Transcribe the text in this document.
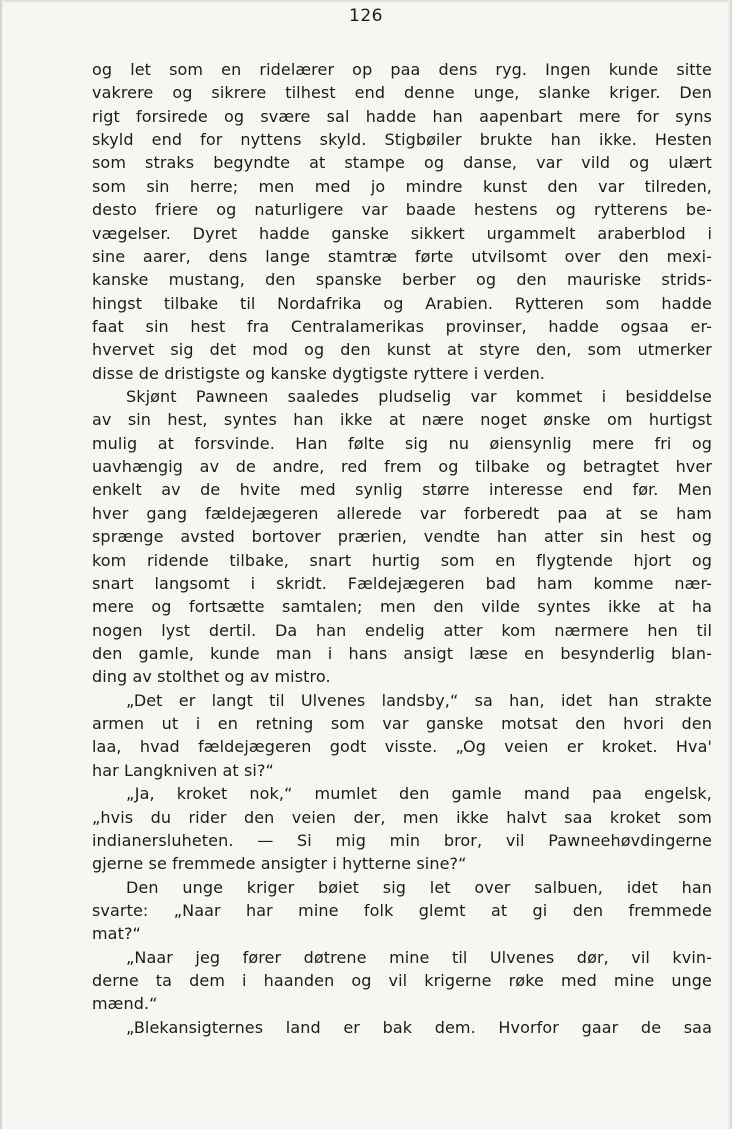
126
og let som en ridelærer op paa dens ryg. Ingen kunde sitte
vakrere og sikrere tilhest end denne unge, slanke kriger. Den
rigt forsirede og svære sal hadde han aapenbart mere for syns
skyld end for nyttens skyld. Stigbøiler brukte han ikke. Hesten
som straks begyndte at stampe og danse, var vild og ulært
som sin herre; men med jo mindre kunst den var tilreden,
desto friere og naturligere var baade hestens og rytterens be-
vægelser. Dyret hadde ganske sikkert urgammelt araberblod i
sine aarer, dens lange stamtræ førte utvilsomt over den mexi-
kanske mustang, den spanske berber og den mauriske strids-
hingst tilbake til Nordafrika og Arabien. Rytteren som hadde
faat sin hest fra Centralamerikas provinser, hadde ogsaa er-
hvervet sig det mod og den kunst at styre den, som utmerker
disse de dristigste og kanske dygtigste ryttere i verden.
Skjønt Pawneen saaledes pludselig var kommet i besiddelse
av sin hest, syntes han ikke at nære noget ønske om hurtigst
mulig at forsvinde. Han følte sig nu øiensynlig mere fri og
uavhængig av de andre, red frem og tilbake og betragtet hver
enkelt av de hvite med synlig større interesse end før. Men
hver gang fældejægeren allerede var forberedt paa at se ham
sprænge avsted bortover prærien, vendte han atter sin hest og
kom ridende tilbake, snart hurtig som en flygtende hjort og
snart langsomt i skridt. Fældejægeren bad ham komme nær-
mere og fortsætte samtalen; men den vilde syntes ikke at ha
nogen lyst dertil. Da han endelig atter kom nærmere hen til
den gamle, kunde man i hans ansigt læse en besynderlig blan-
ding av stolthet og av mistro.
„Det er langt til Ulvenes landsby,“ sa han, idet han strakte
armen ut i en retning som var ganske motsat den hvori den
laa, hvad fældejægeren godt visste. „Og veien er kroket. Hva'
har Langkniven at si?“
„Ja, kroket nok,“ mumlet den gamle mand paa engelsk,
„hvis du rider den veien der, men ikke halvt saa kroket som
indianersluheten. — Si mig min bror, vil Pawneehøvdingerne
gjerne se fremmede ansigter i hytterne sine?“
Den unge kriger bøiet sig let over salbuen, idet han
svarte: „Naar har mine folk glemt at gi den fremmede
mat?“
„Naar jeg fører døtrene mine til Ulvenes dør, vil kvin-
derne ta dem i haanden og vil krigerne røke med mine unge
mænd.“
„Blekansigternes land er bak dem. Hvorfor gaar de saa
